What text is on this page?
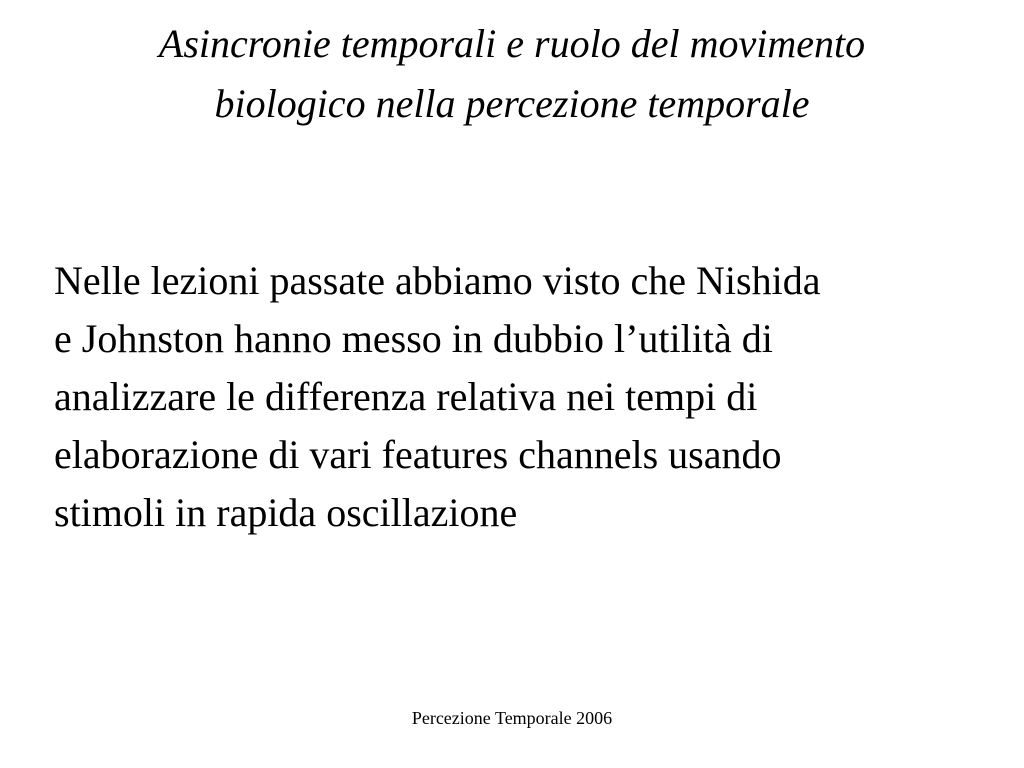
Asincronie temporali e ruolo del movimento
biologico nella percezione temporale

Nelle lezioni passate abbiamo visto che Nishida
e Johnston hanno messo in dubbio l’utilità di
analizzare le differenza relativa nei tempi di
elaborazione di vari features channels usando
stimoli in rapida oscillazione

Percezione Temporale 2006
